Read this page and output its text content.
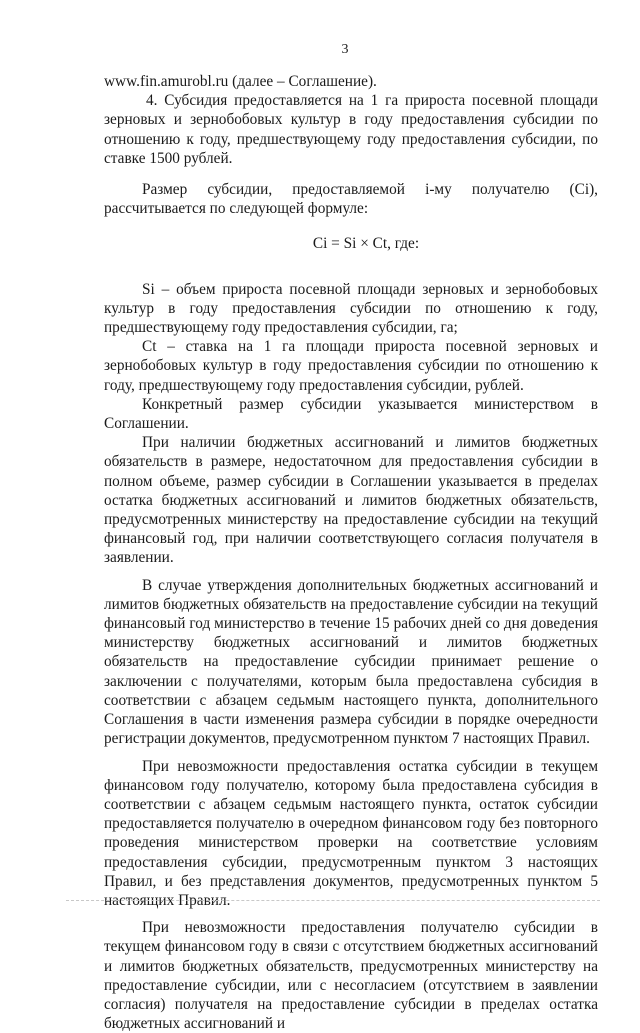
3

www.fin.amurobl.ru (далее – Соглашение).

4. Субсидия предоставляется на 1 га прироста посевной площади зерновых и зернобобовых культур в году предоставления субсидии по отношению к году, предшествующему году предоставления субсидии, по ставке 1500 рублей.

Размер субсидии, предоставляемой i-му получателю (Ci), рассчитывается по следующей формуле:

Ci = Si × Ct, где:

Si – объем прироста посевной площади зерновых и зернобобовых культур в году предоставления субсидии по отношению к году, предшествующему году предоставления субсидии, га;

Ct – ставка на 1 га площади прироста посевной зерновых и зернобобовых культур в году предоставления субсидии по отношению к году, предшествующему году предоставления субсидии, рублей.

Конкретный размер субсидии указывается министерством в Соглашении.

При наличии бюджетных ассигнований и лимитов бюджетных обязательств в размере, недостаточном для предоставления субсидии в полном объеме, размер субсидии в Соглашении указывается в пределах остатка бюджетных ассигнований и лимитов бюджетных обязательств, предусмотренных министерству на предоставление субсидии на текущий финансовый год, при наличии соответствующего согласия получателя в заявлении.

В случае утверждения дополнительных бюджетных ассигнований и лимитов бюджетных обязательств на предоставление субсидии на текущий финансовый год министерство в течение 15 рабочих дней со дня доведения министерству бюджетных ассигнований и лимитов бюджетных обязательств на предоставление субсидии принимает решение о заключении с получателями, которым была предоставлена субсидия в соответствии с абзацем седьмым настоящего пункта, дополнительного Соглашения в части изменения размера субсидии в порядке очередности регистрации документов, предусмотренном пунктом 7 настоящих Правил.

При невозможности предоставления остатка субсидии в текущем финансовом году получателю, которому была предоставлена субсидия в соответствии с абзацем седьмым настоящего пункта, остаток субсидии предоставляется получателю в очередном финансовом году без повторного проведения министерством проверки на соответствие условиям предоставления субсидии, предусмотренным пунктом 3 настоящих Правил, и без представления документов, предусмотренных пунктом 5 настоящих Правил.

При невозможности предоставления получателю субсидии в текущем финансовом году в связи с отсутствием бюджетных ассигнований и лимитов бюджетных обязательств, предусмотренных министерству на предоставление субсидии, или с несогласием (отсутствием в заявлении согласия) получателя на предоставление субсидии в пределах остатка бюджетных ассигнований и
